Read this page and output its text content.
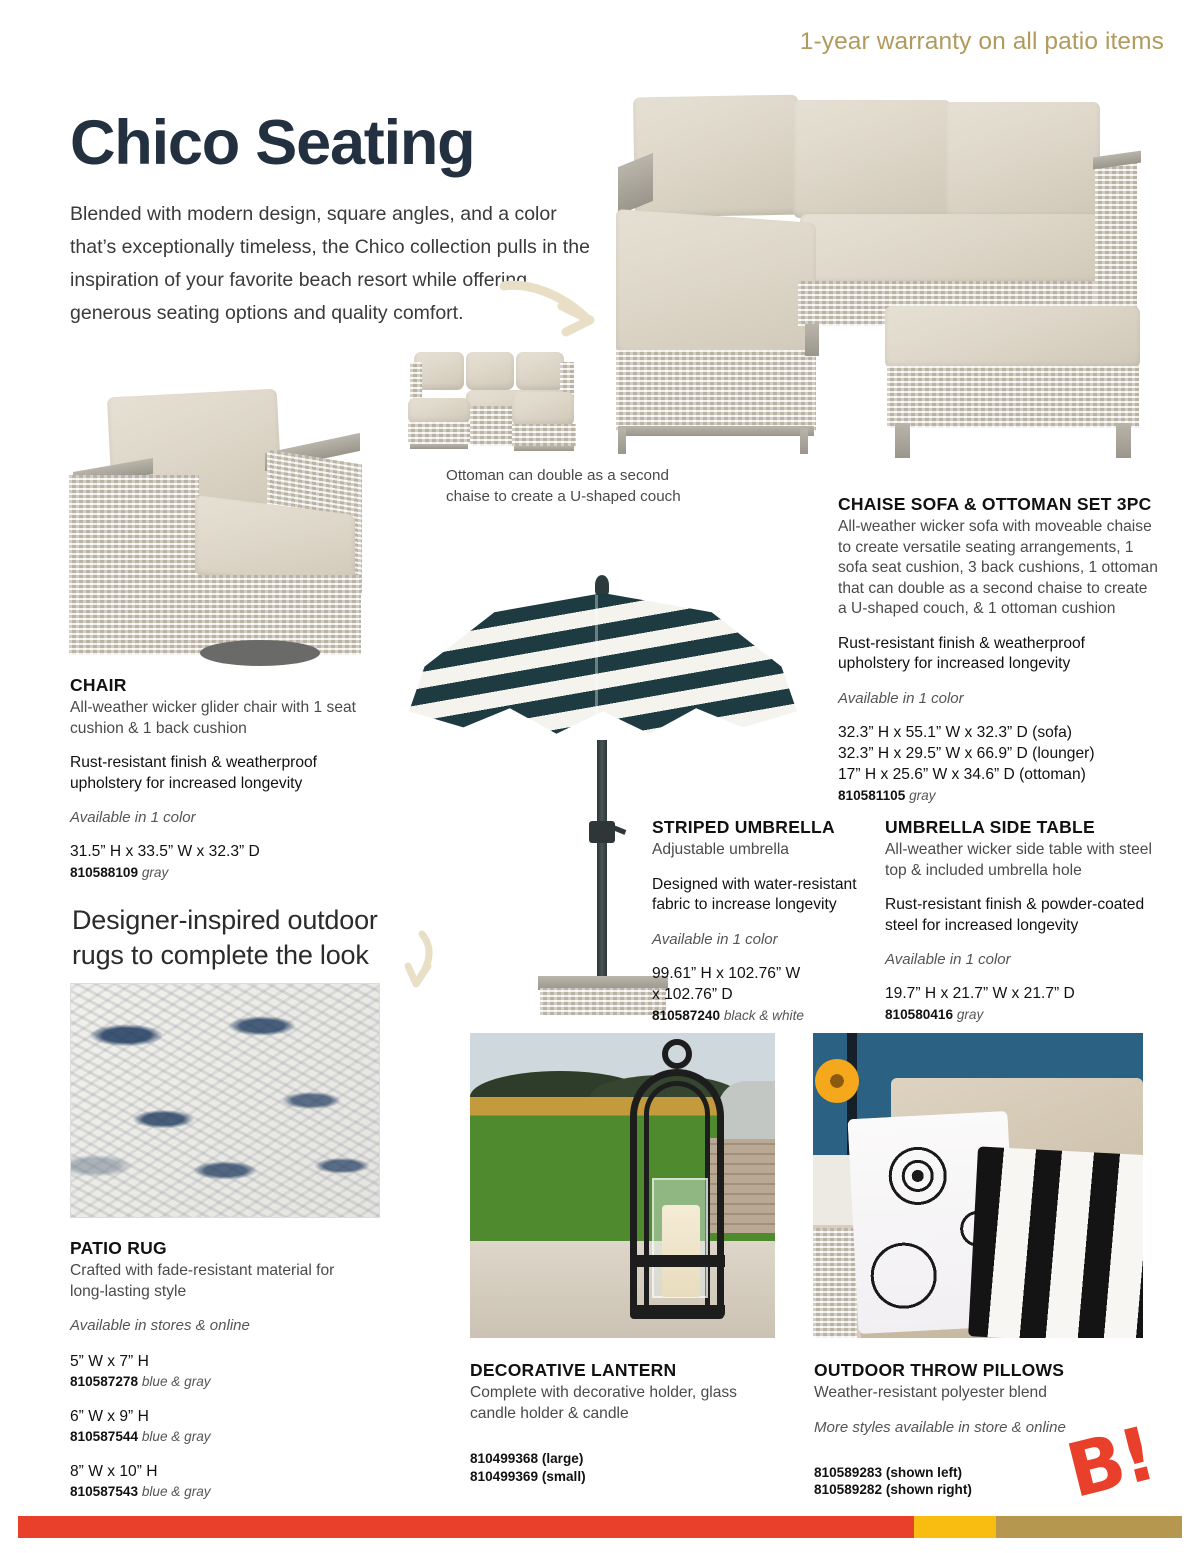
1-year warranty on all patio items
Chico Seating

Blended with modern design, square angles, and a color that’s exceptionally timeless, the Chico collection pulls in the inspiration of your favorite beach resort while offering generous seating options and quality comfort.

Ottoman can double as a second chaise to create a U-shaped couch
CHAIR

All-weather wicker glider chair with 1 seat cushion & 1 back cushion

Rust-resistant finish & weatherproof upholstery for increased longevity

Available in 1 color

31.5” H x 33.5” W x 32.3” D
810588109 gray

CHAISE SOFA & OTTOMAN SET 3PC

All-weather wicker sofa with moveable chaise to create versatile seating arrangements, 1 sofa seat cushion, 3 back cushions, 1 ottoman that can double as a second chaise to create a U-shaped couch, & 1 ottoman cushion

Rust-resistant finish & weatherproof upholstery for increased longevity

Available in 1 color

32.3” H x 55.1” W x 32.3” D (sofa)
32.3” H x 29.5” W x 66.9” D (lounger)
17” H x 25.6” W x 34.6” D (ottoman)
810581105 gray

STRIPED UMBRELLA

Adjustable umbrella

Designed with water-resistant fabric to increase longevity

Available in 1 color

99.61” H x 102.76” W
x 102.76” D
810587240 black & white

UMBRELLA SIDE TABLE

All-weather wicker side table with steel top & included umbrella hole

Rust-resistant finish & powder-coated steel for increased longevity

Available in 1 color

19.7” H x 21.7” W x 21.7” D
810580416 gray

Designer-inspired outdoor rugs to complete the look
PATIO RUG

Crafted with fade-resistant material for long-lasting style

Available in stores & online

5” W x 7” H
810587278 blue & gray
6” W x 9” H
810587544 blue & gray
8” W x 10” H
810587543 blue & gray
DECORATIVE LANTERN

Complete with decorative holder, glass candle holder & candle

810499368 (large)
810499369 (small)
OUTDOOR THROW PILLOWS

Weather-resistant polyester blend

More styles available in store & online

810589283 (shown left)
810589282 (shown right)	B!
